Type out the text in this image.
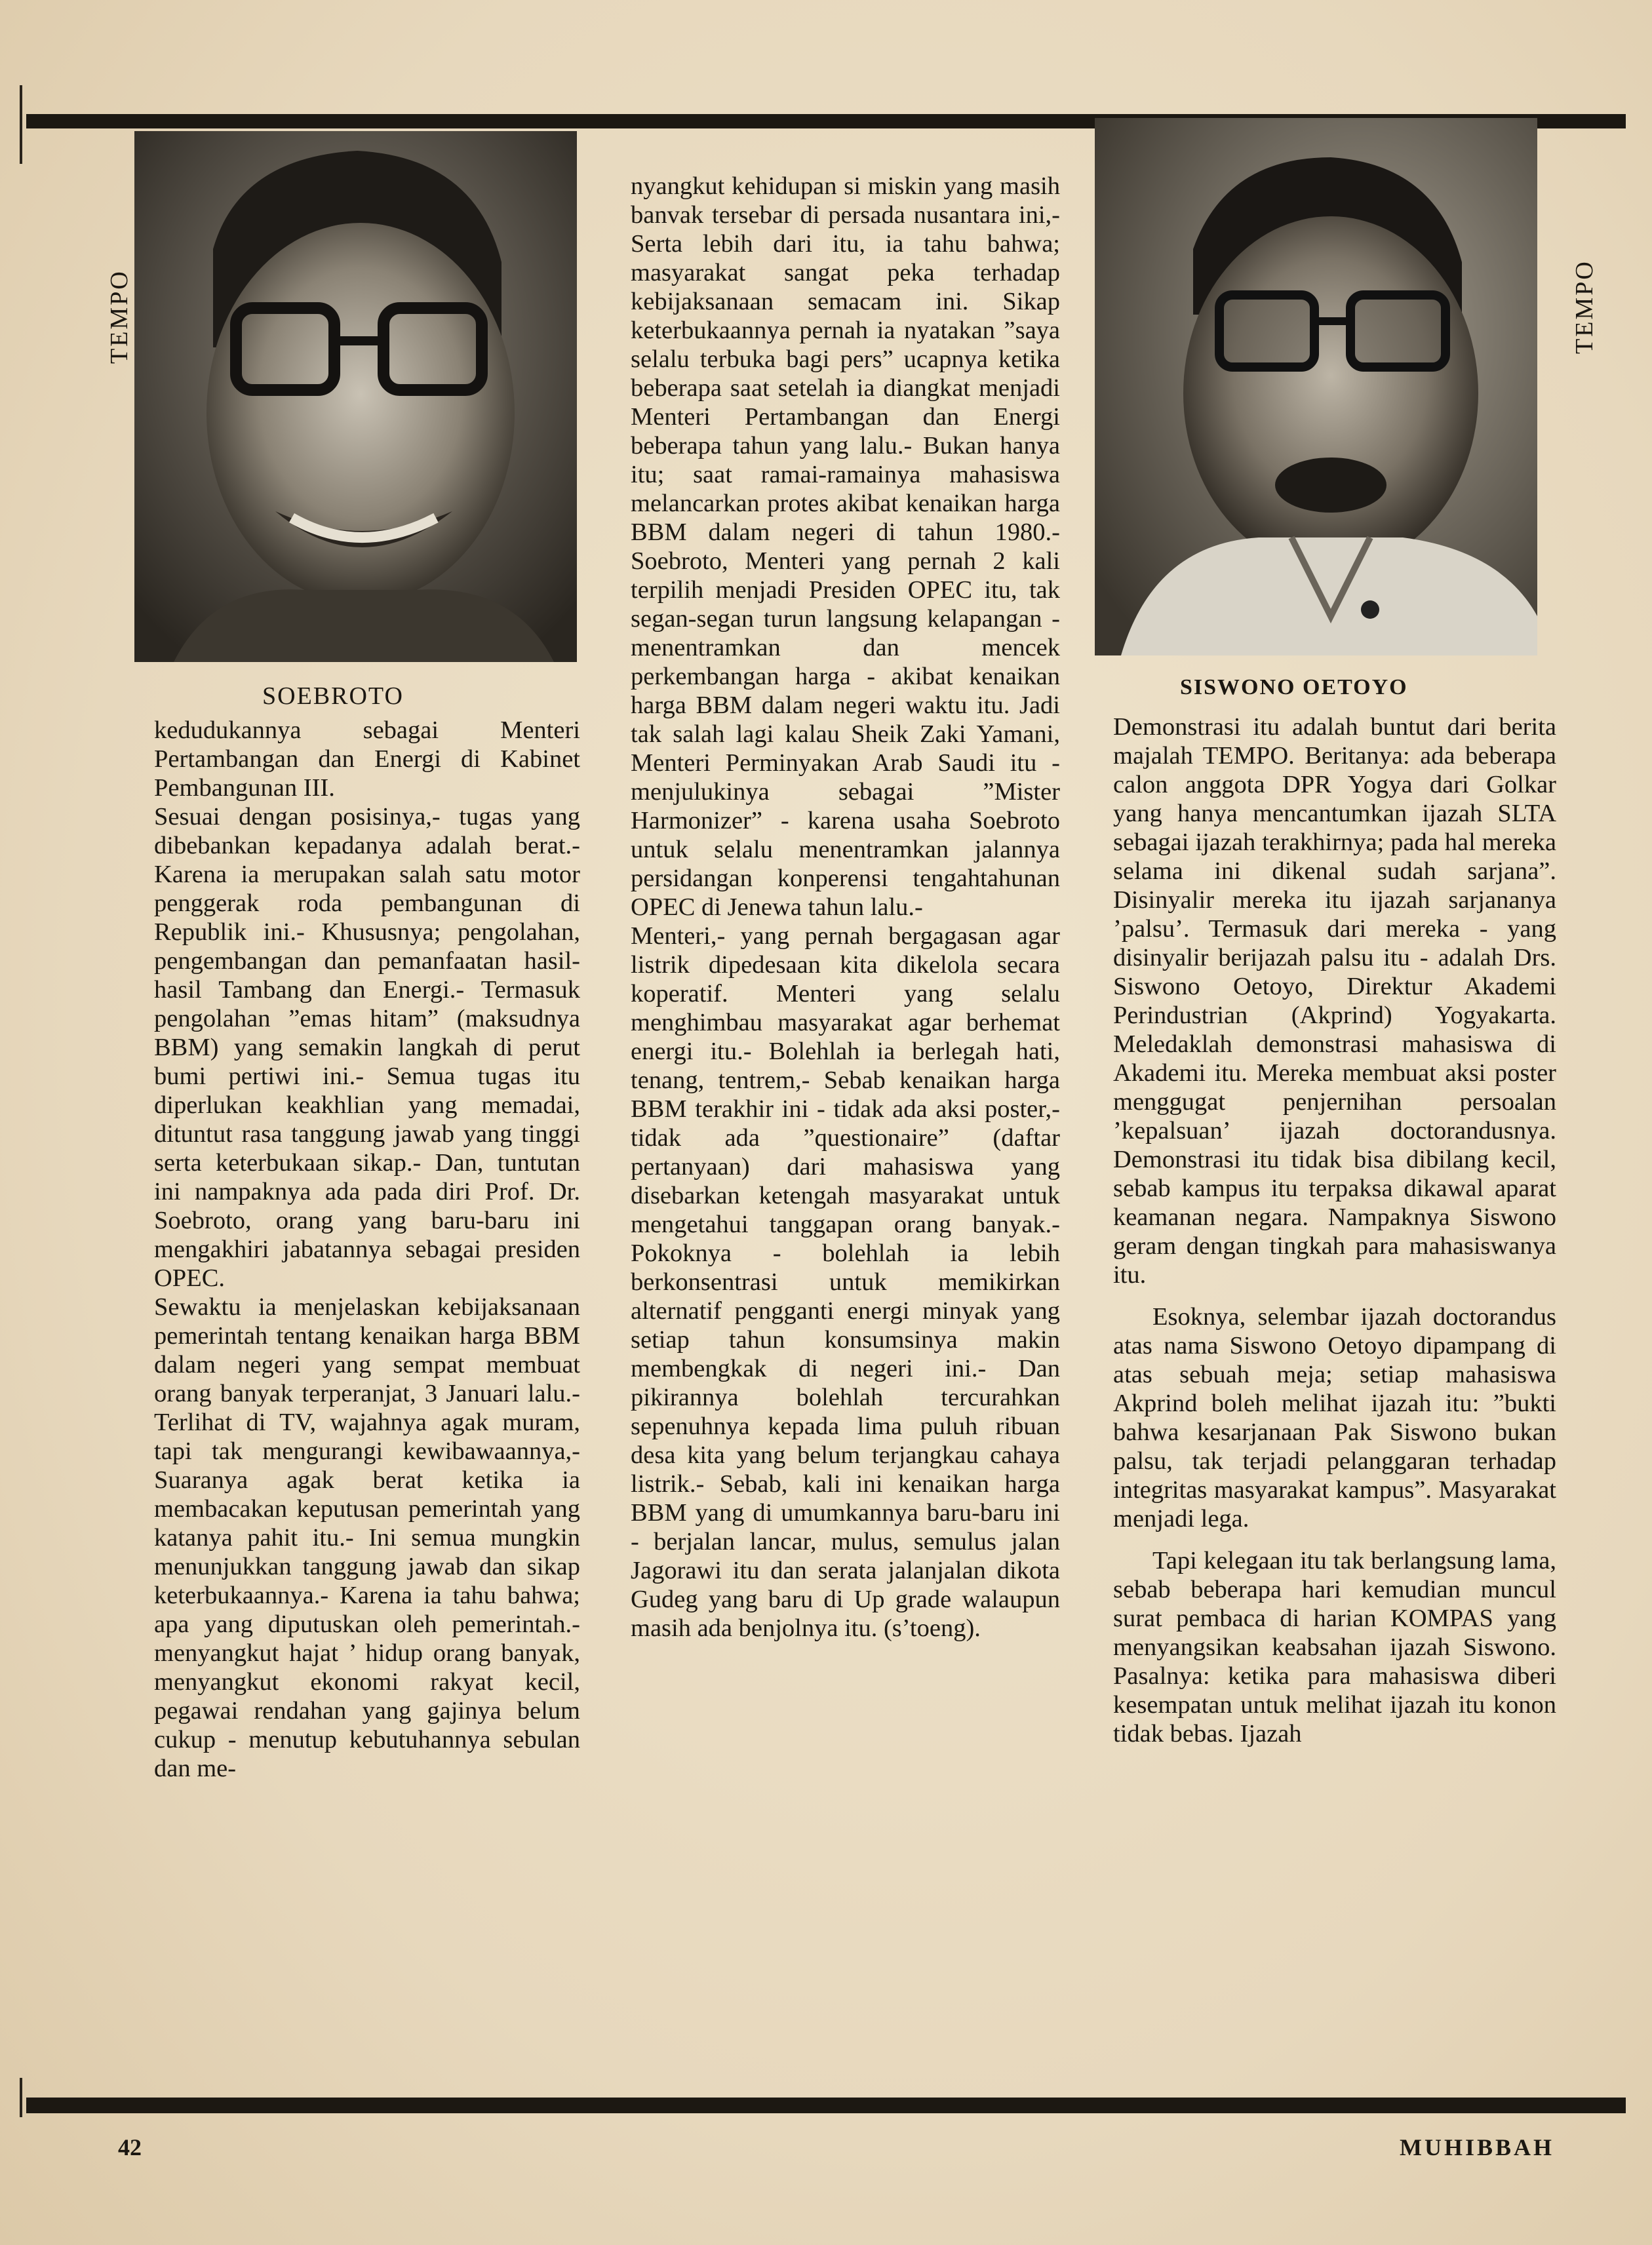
TEMPO
SOEBROTO
TEMPO
SISWONO OETOYO

kedudukannya sebagai Menteri Pertambangan dan Energi di Kabinet Pembangunan III.

Sesuai dengan posisinya,- tugas yang dibebankan kepadanya adalah berat.- Karena ia merupakan salah satu motor penggerak roda pembangunan di Republik ini.- Khususnya; pengolahan, pengembangan dan pemanfaatan hasil-hasil Tambang dan Energi.- Termasuk pengolahan ”emas hitam” (maksudnya BBM) yang semakin langkah di perut bumi pertiwi ini.- Semua tugas itu diperlukan keakhlian yang memadai, dituntut rasa tanggung jawab yang tinggi serta keterbukaan sikap.- Dan, tuntutan ini nampaknya ada pada diri Prof. Dr. Soebroto, orang yang baru-baru ini mengakhiri jabatannya sebagai presiden OPEC.

Sewaktu ia menjelaskan kebijaksanaan pemerintah tentang kenaikan harga BBM dalam negeri yang sempat membuat orang banyak terperanjat, 3 Januari lalu.- Terlihat di TV, wajahnya agak muram, tapi tak mengurangi kewibawaannya,- Suaranya agak berat ketika ia membacakan keputusan pemerintah yang katanya pahit itu.- Ini semua mungkin menunjukkan tanggung jawab dan sikap keterbukaannya.- Karena ia tahu bahwa; apa yang diputuskan oleh pemerintah.- menyangkut hajat ’ hidup orang banyak, menyangkut ekonomi rakyat kecil, pegawai rendahan yang gajinya belum cukup - menutup kebutuhannya sebulan dan me-

nyangkut kehidupan si miskin yang masih banvak tersebar di persada nusantara ini,- Serta lebih dari itu, ia tahu bahwa; masyarakat sangat peka terhadap kebijaksanaan semacam ini. Sikap keterbukaannya pernah ia nyatakan ”saya selalu terbuka bagi pers” ucapnya ketika beberapa saat setelah ia diangkat menjadi Menteri Pertambangan dan Energi beberapa tahun yang lalu.- Bukan hanya itu; saat ramai-ramainya mahasiswa melancarkan protes akibat kenaikan harga BBM dalam negeri di tahun 1980.- Soebroto, Menteri yang pernah 2 kali terpilih menjadi Presiden OPEC itu, tak segan-segan turun langsung kelapangan - menentramkan dan mencek perkembangan harga - akibat kenaikan harga BBM dalam negeri waktu itu. Jadi tak salah lagi kalau Sheik Zaki Yamani, Menteri Perminyakan Arab Saudi itu - menjulukinya sebagai ”Mister Harmonizer” - karena usaha Soebroto untuk selalu menentramkan jalannya persidangan konperensi tengahtahunan OPEC di Jenewa tahun lalu.-

Menteri,- yang pernah bergagasan agar listrik dipedesaan kita dikelola secara koperatif. Menteri yang selalu menghimbau masyarakat agar berhemat energi itu.- Bolehlah ia berlegah hati, tenang, tentrem,- Sebab kenaikan harga BBM terakhir ini - tidak ada aksi poster,- tidak ada ”questionaire” (daftar pertanyaan) dari mahasiswa yang disebarkan ketengah masyarakat untuk mengetahui tanggapan orang banyak.- Pokoknya - bolehlah ia lebih berkonsentrasi untuk memikirkan alternatif pengganti energi minyak yang setiap tahun konsumsinya makin membengkak di negeri ini.- Dan pikirannya bolehlah tercurahkan sepenuhnya kepada lima puluh ribuan desa kita yang belum terjangkau cahaya listrik.- Sebab, kali ini kenaikan harga BBM yang di umumkannya baru-baru ini - berjalan lancar, mulus, semulus jalan Jagorawi itu dan serata jalanjalan dikota Gudeg yang baru di Up grade walaupun masih ada benjolnya itu. (s’toeng).

Demonstrasi itu adalah buntut dari berita majalah TEMPO. Beritanya: ada beberapa calon anggota DPR Yogya dari Golkar yang hanya mencantumkan ijazah SLTA sebagai ijazah terakhirnya; pada hal mereka selama ini dikenal sudah sarjana”. Disinyalir mereka itu ijazah sarjananya ’palsu’. Termasuk dari mereka - yang disinyalir berijazah palsu itu - adalah Drs. Siswono Oetoyo, Direktur Akademi Perindustrian (Akprind) Yogyakarta. Meledaklah demonstrasi mahasiswa di Akademi itu. Mereka membuat aksi poster menggugat penjernihan persoalan ’kepalsuan’ ijazah doctorandusnya. Demonstrasi itu tidak bisa dibilang kecil, sebab kampus itu terpaksa dikawal aparat keamanan negara. Nampaknya Siswono geram dengan tingkah para mahasiswanya itu.

Esoknya, selembar ijazah doctorandus atas nama Siswono Oetoyo dipampang di atas sebuah meja; setiap mahasiswa Akprind boleh melihat ijazah itu: ”bukti bahwa kesarjanaan Pak Siswono bukan palsu, tak terjadi pelanggaran terhadap integritas masyarakat kampus”. Masyarakat menjadi lega.

Tapi kelegaan itu tak berlangsung lama, sebab beberapa hari kemudian muncul surat pembaca di harian KOMPAS yang menyangsikan keabsahan ijazah Siswono. Pasalnya: ketika para mahasiswa diberi kesempatan untuk melihat ijazah itu konon tidak bebas. Ijazah

42	MUHIBBAH
